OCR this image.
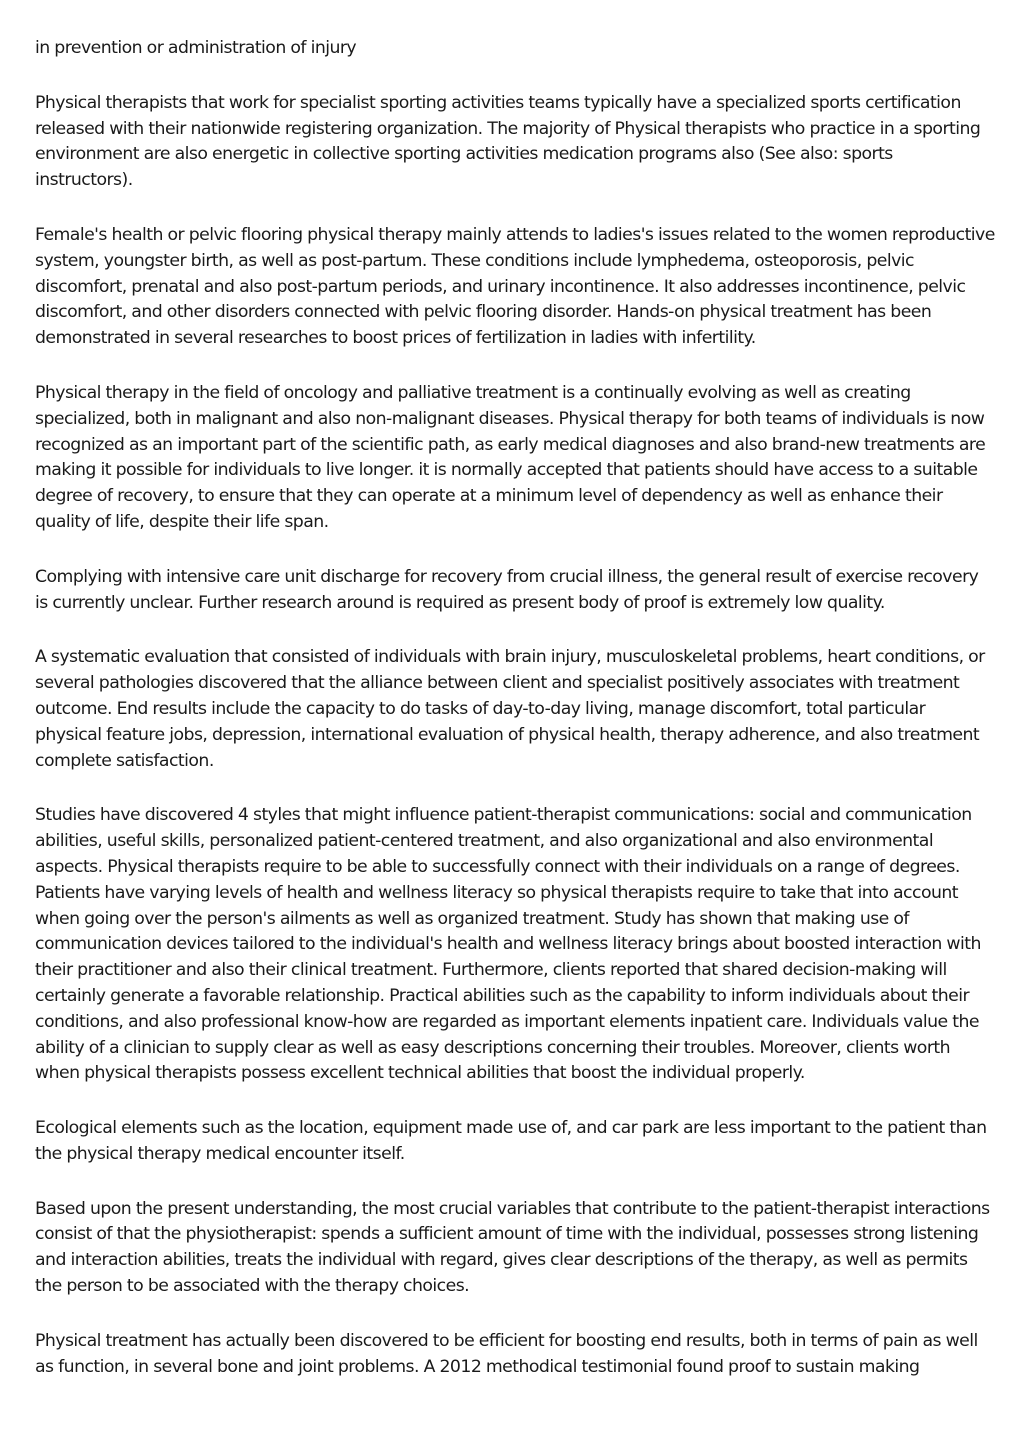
in prevention or administration of injury

Physical therapists that work for specialist sporting activities teams typically have a specialized sports certification released with their nationwide registering organization. The majority of Physical therapists who practice in a sporting environment are also energetic in collective sporting activities medication programs also (See also: sports instructors).

Female's health or pelvic flooring physical therapy mainly attends to ladies's issues related to the women reproductive system, youngster birth, as well as post-partum. These conditions include lymphedema, osteoporosis, pelvic discomfort, prenatal and also post-partum periods, and urinary incontinence. It also addresses incontinence, pelvic discomfort, and other disorders connected with pelvic flooring disorder. Hands-on physical treatment has been demonstrated in several researches to boost prices of fertilization in ladies with infertility.

Physical therapy in the field of oncology and palliative treatment is a continually evolving as well as creating specialized, both in malignant and also non-malignant diseases. Physical therapy for both teams of individuals is now recognized as an important part of the scientific path, as early medical diagnoses and also brand-new treatments are making it possible for individuals to live longer. it is normally accepted that patients should have access to a suitable degree of recovery, to ensure that they can operate at a minimum level of dependency as well as enhance their quality of life, despite their life span.

Complying with intensive care unit discharge for recovery from crucial illness, the general result of exercise recovery is currently unclear. Further research around is required as present body of proof is extremely low quality.

A systematic evaluation that consisted of individuals with brain injury, musculoskeletal problems, heart conditions, or several pathologies discovered that the alliance between client and specialist positively associates with treatment outcome. End results include the capacity to do tasks of day-to-day living, manage discomfort, total particular physical feature jobs, depression, international evaluation of physical health, therapy adherence, and also treatment complete satisfaction.

Studies have discovered 4 styles that might influence patient-therapist communications: social and communication abilities, useful skills, personalized patient-centered treatment, and also organizational and also environmental aspects. Physical therapists require to be able to successfully connect with their individuals on a range of degrees. Patients have varying levels of health and wellness literacy so physical therapists require to take that into account when going over the person's ailments as well as organized treatment. Study has shown that making use of communication devices tailored to the individual's health and wellness literacy brings about boosted interaction with their practitioner and also their clinical treatment. Furthermore, clients reported that shared decision-making will certainly generate a favorable relationship. Practical abilities such as the capability to inform individuals about their conditions, and also professional know-how are regarded as important elements inpatient care. Individuals value the ability of a clinician to supply clear as well as easy descriptions concerning their troubles. Moreover, clients worth when physical therapists possess excellent technical abilities that boost the individual properly.

Ecological elements such as the location, equipment made use of, and car park are less important to the patient than the physical therapy medical encounter itself.

Based upon the present understanding, the most crucial variables that contribute to the patient-therapist interactions consist of that the physiotherapist: spends a sufficient amount of time with the individual, possesses strong listening and interaction abilities, treats the individual with regard, gives clear descriptions of the therapy, as well as permits the person to be associated with the therapy choices.

Physical treatment has actually been discovered to be efficient for boosting end results, both in terms of pain as well as function, in several bone and joint problems. A 2012 methodical testimonial found proof to sustain making
